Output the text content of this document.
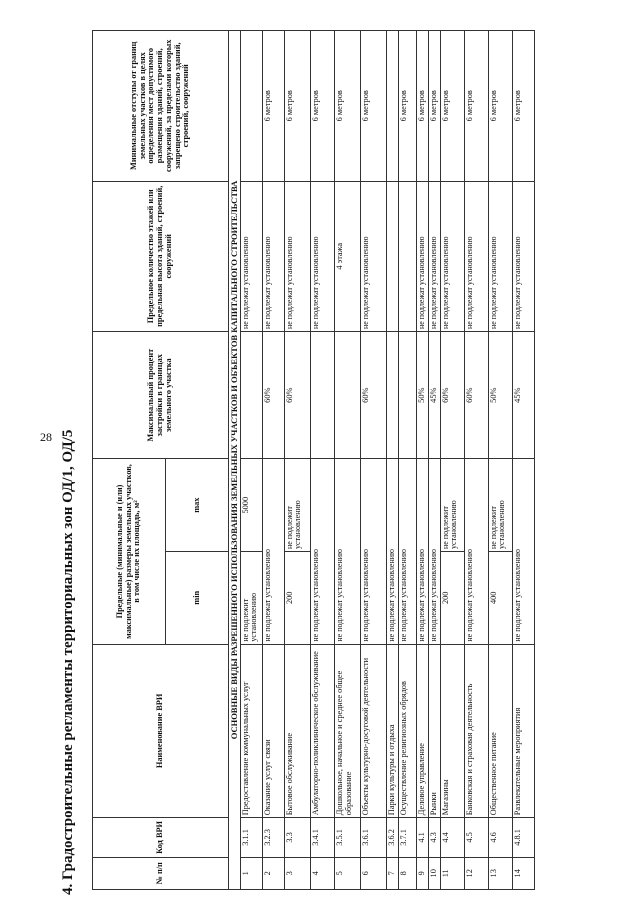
28 4. Градостроительные регламенты территориальных зон ОД/1, ОД/5	№ п/п	Код ВРИ	Наименование ВРИ	Предельные (минимальные и (или) максимальные) размеры земельных участков, в том числе их площадь, м²		Максимальный процент застройки в границах земельного участка	Предельное количество этажей или предельная высота зданий, строений, сооружений	Минимальные отступы от границ земельных участков в целях определения мест допустимого размещения зданий, строений, сооружений, за пределами которых запрещено строительство зданий, строений, сооружений
			min	max			
ОСНОВНЫЕ ВИДЫ РАЗРЕШЕННОГО ИСПОЛЬЗОВАНИЯ ЗЕМЕЛЬНЫХ УЧАСТКОВ И ОБЪЕКТОВ КАПИТАЛЬНОГО СТРОИТЕЛЬСТВА							
1	3.1.1	Предоставление коммунальных услуг	не подлежит установлению	5000		не подлежат установлению	
2	3.2.3	Оказание услуг связи	не подлежат установлению		60%	не подлежат установлению	6 метров
3	3.3	Бытовое обслуживание	200	не подлежит установлению	60%	не подлежат установлению	6 метров
4	3.4.1	Амбулаторно-поликлиническое обслуживание	не подлежат установлению			не подлежат установлению	6 метров
5	3.5.1	Дошкольное, начальное и среднее общее образование	не подлежат установлению			4 этажа	6 метров
6	3.6.1	Объекты культурно-досуговой деятельности	не подлежат установлению		60%	не подлежат установлению	6 метров
7	3.6.2	Парки культуры и отдыха	не подлежат установлению				
8	3.7.1	Осуществление религиозных обрядов	не подлежат установлению				6 метров
9	4.1	Деловое управление	не подлежат установлению		50%	не подлежат установлению	6 метров
10	4.3	Рынки	не подлежат установлению		45%	не подлежат установлению	6 метров
11	4.4	Магазины	200	не подлежит установлению	60%	не подлежат установлению	6 метров
12	4.5	Банковская и страховая деятельность	не подлежат установлению		60%	не подлежат установлению	6 метров
13	4.6	Общественное питание	400	не подлежит установлению	50%	не подлежат установлению	6 метров
14	4.8.1	Развлекательные мероприятия	не подлежат установлению		45%	не подлежат установлению	6 метров
